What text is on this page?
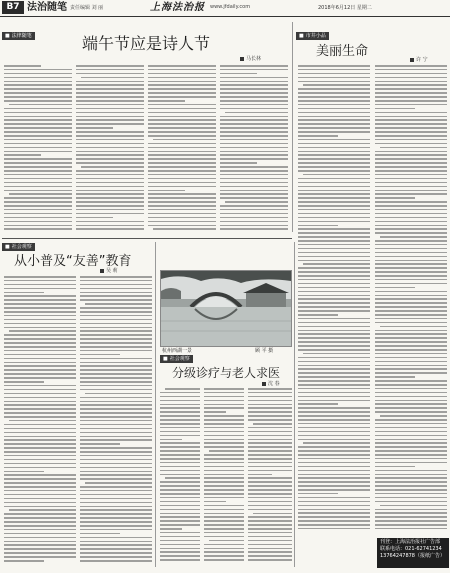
B7 法治随笔 责任编辑 刘 丽	上海法治报 www.jfdaily.com	2018年6月12日 星期二
■ 法律随笔	端午节应是诗人节
马长林
■ 市井小品
美丽生命
许 宁
■ 社会观察
从小普及“友善”教育
吴 莉
杭州西湖一景	顾 平 摄
■ 社会观察
分级诊疗与老人求医
沈 春
刊登：上海法治报社广告部
联系电话：021-62741234
13764247878（报纸广告）
